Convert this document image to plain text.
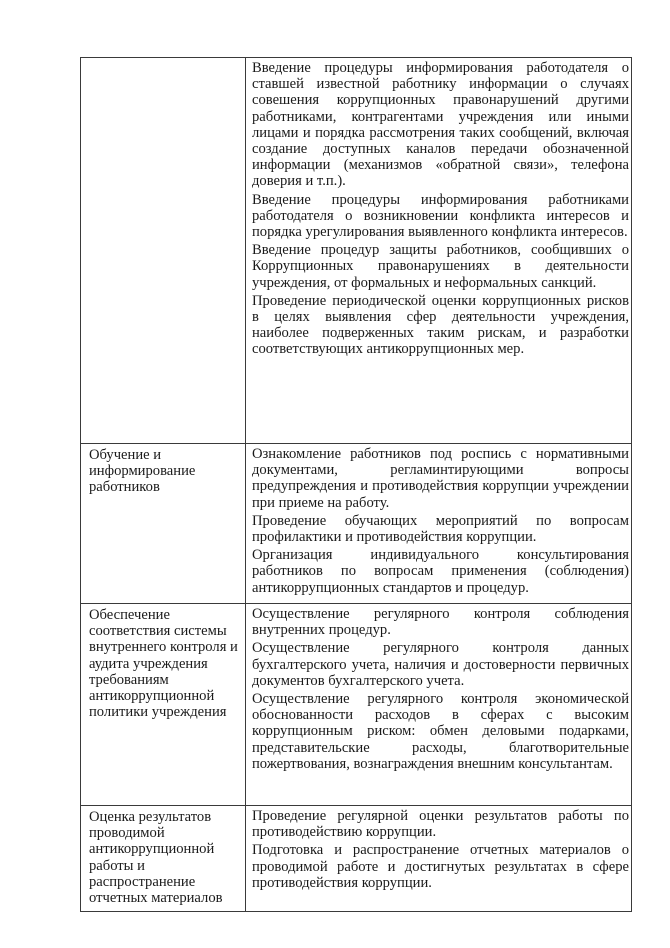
	Введение процедуры информирования работодателя о ставшей известной работнику информации о случаях совешения коррупционных правонарушений другими работниками, контрагентами учреждения или иными лицами и порядка рассмотрения таких сообщений, включая создание доступных каналов передачи обозначенной информации (механизмов «обратной связи», телефона доверия и т.п.).

Введение процедуры информирования работниками работодателя о возникновении конфликта интересов и порядка урегулирования выявленного конфликта интересов.

Введение процедур защиты работников, сообщивших о Коррупционных правонарушениях в деятельности учреждения, от формальных и неформальных санкций.

Проведение периодической оценки коррупционных рисков в целях выявления сфер деятельности учреждения, наиболее подверженных таким рискам, и разработки соответствующих антикоррупционных мер.

Обучение и информирование работников	Ознакомление работников под роспись с нормативными документами, регламинтирующими вопросы предупреждения и противодействия коррупции учреждении при приеме на работу.

Проведение обучающих мероприятий по вопросам профилактики и противодействия коррупции.

Организация индивидуального консультирования работников по вопросам применения (соблюдения) антикоррупционных стандартов и процедур.

Обеспечение соответствия системы внутреннего контроля и аудита учреждения требованиям антикоррупционной политики учреждения	Осуществление регулярного контроля соблюдения внутренних процедур.

Осуществление регулярного контроля данных бухгалтерского учета, наличия и достоверности первичных документов бухгалтерского учета.

Осуществление регулярного контроля экономической обоснованности расходов в сферах с высоким коррупционным риском: обмен деловыми подарками, представительские расходы, благотворительные пожертвования, вознаграждения внешним консультантам.

Оценка результатов проводимой антикоррупционной работы и распространение отчетных материалов	Проведение регулярной оценки результатов работы по противодействию коррупции.

Подготовка и распространение отчетных материалов о проводимой работе и достигнутых результатах в сфере противодействия коррупции.
